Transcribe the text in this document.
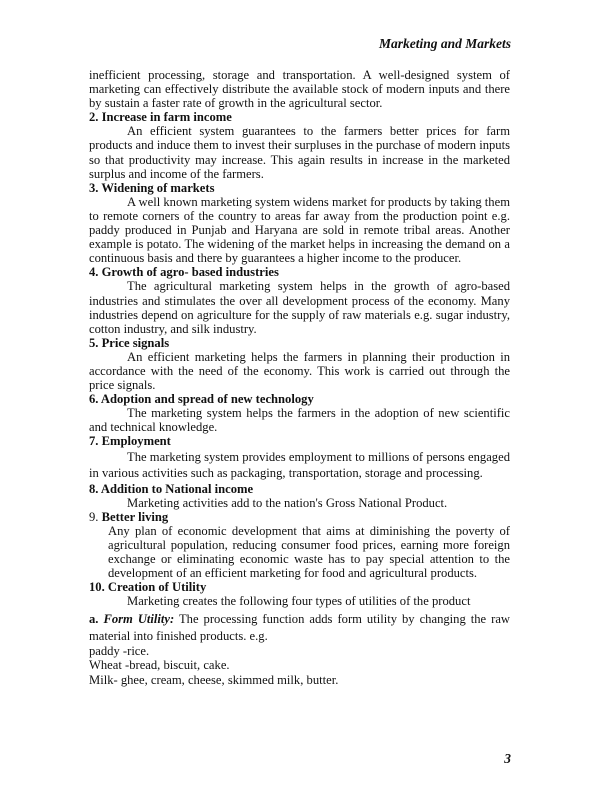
Marketing and Markets

inefficient processing, storage and transportation. A well-designed system of marketing can effectively distribute the available stock of modern inputs and there by sustain a faster rate of growth in the agricultural sector.

2. Increase in farm income

An efficient system guarantees to the farmers better prices for farm products and induce them to invest their surpluses in the purchase of modern inputs so that productivity may increase. This again results in increase in the marketed surplus and income of the farmers.

3. Widening of markets

A well known marketing system widens market for products by taking them to remote corners of the country to areas far away from the production point e.g. paddy produced in Punjab and Haryana are sold in remote tribal areas. Another example is potato. The widening of the market helps in increasing the demand on a continuous basis and there by guarantees a higher income to the producer.

4. Growth of agro- based industries

The agricultural marketing system helps in the growth of agro-based industries and stimulates the over all development process of the economy. Many industries depend on agriculture for the supply of raw materials e.g. sugar industry, cotton industry, and silk industry.

5. Price signals

An efficient marketing helps the farmers in planning their production in accordance with the need of the economy. This work is carried out through the price signals.

6. Adoption and spread of new technology

The marketing system helps the farmers in the adoption of new scientific and technical knowledge.

7. Employment

The marketing system provides employment to millions of persons engaged in various activities such as packaging, transportation, storage and processing.

8. Addition to National income

Marketing activities add to the nation's Gross National Product.

9. Better living

Any plan of economic development that aims at diminishing the poverty of agricultural population, reducing consumer food prices, earning more foreign exchange or eliminating economic waste has to pay special attention to the development of an efficient marketing for food and agricultural products.

10. Creation of Utility

Marketing creates the following four types of utilities of the product

a. Form Utility: The processing function adds form utility by changing the raw material into finished products. e.g.

paddy -rice.

Wheat -bread, biscuit, cake.

Milk- ghee, cream, cheese, skimmed milk, butter.

3
